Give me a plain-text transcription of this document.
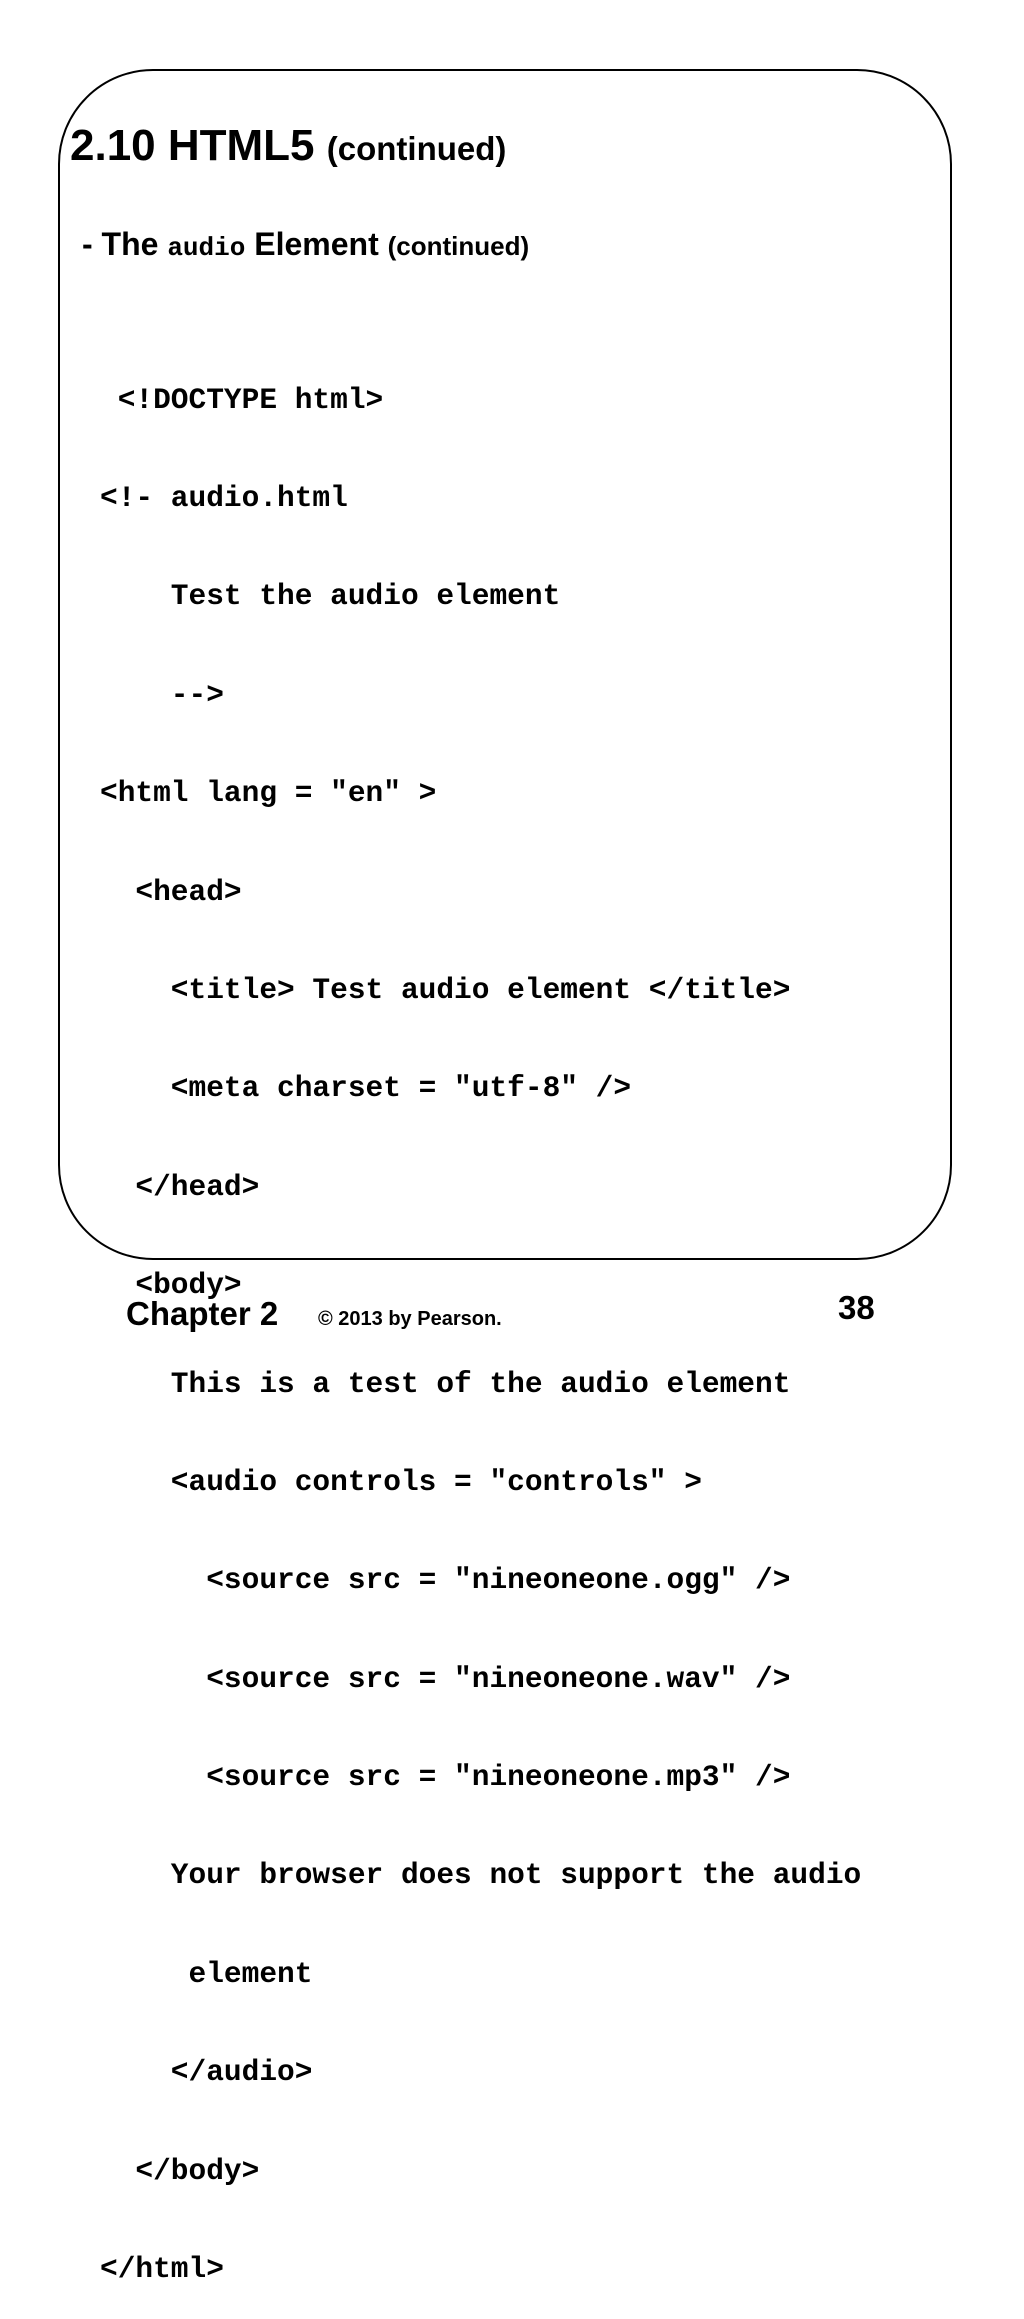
2.10 HTML5 (continued)
- The audio Element (continued)

<!DOCTYPE html>

<!- audio.html

Test the audio element

-->

<html lang = "en" >

<head>

<title> Test audio element </title>

<meta charset = "utf-8" />

</head>

<body>

This is a test of the audio element

<audio controls = "controls" >

<source src = "nineoneone.ogg" />

<source src = "nineoneone.wav" />

<source src = "nineoneone.mp3" />

Your browser does not support the audio

element

</audio>

</body>

</html>

Chapter 2 © 2013 by Pearson.	38
